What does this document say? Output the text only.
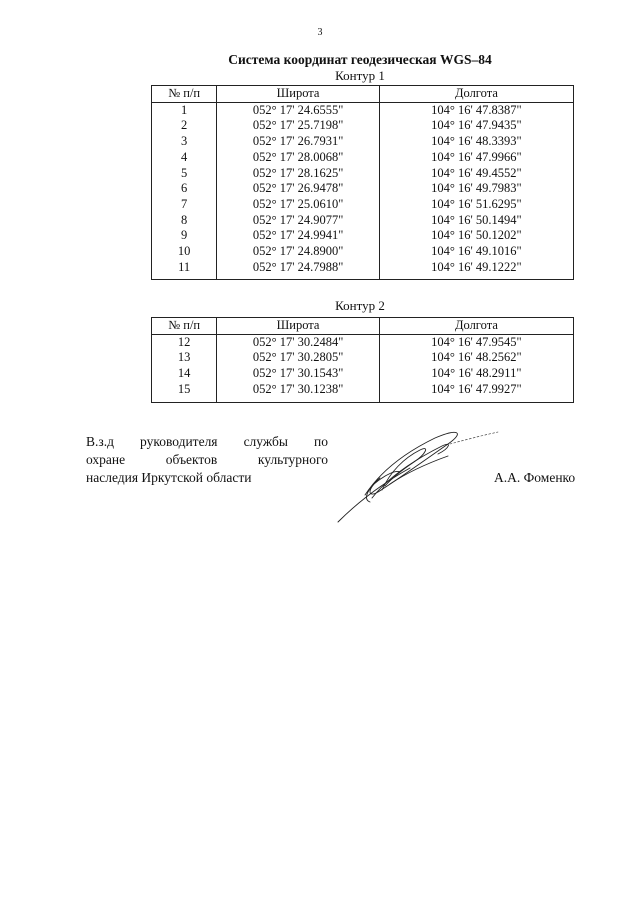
3
Система координат геодезическая WGS–84
Контур 1
№ п/п	Широта	Долгота
1	052° 17' 24.6555"	104° 16' 47.8387"
2	052° 17' 25.7198"	104° 16' 47.9435"
3	052° 17' 26.7931"	104° 16' 48.3393"
4	052° 17' 28.0068"	104° 16' 47.9966"
5	052° 17' 28.1625"	104° 16' 49.4552"
6	052° 17' 26.9478"	104° 16' 49.7983"
7	052° 17' 25.0610"	104° 16' 51.6295"
8	052° 17' 24.9077"	104° 16' 50.1494"
9	052° 17' 24.9941"	104° 16' 50.1202"
10	052° 17' 24.8900"	104° 16' 49.1016"
11	052° 17' 24.7988"	104° 16' 49.1222"

Контур 2
№ п/п	Широта	Долгота
12	052° 17' 30.2484"	104° 16' 47.9545"
13	052° 17' 30.2805"	104° 16' 48.2562"
14	052° 17' 30.1543"	104° 16' 48.2911"
15	052° 17' 30.1238"	104° 16' 47.9927"

В.з.д руководителя службы по
охране	объектов	культурного
наследия Иркутской области	А.А. Фоменко
